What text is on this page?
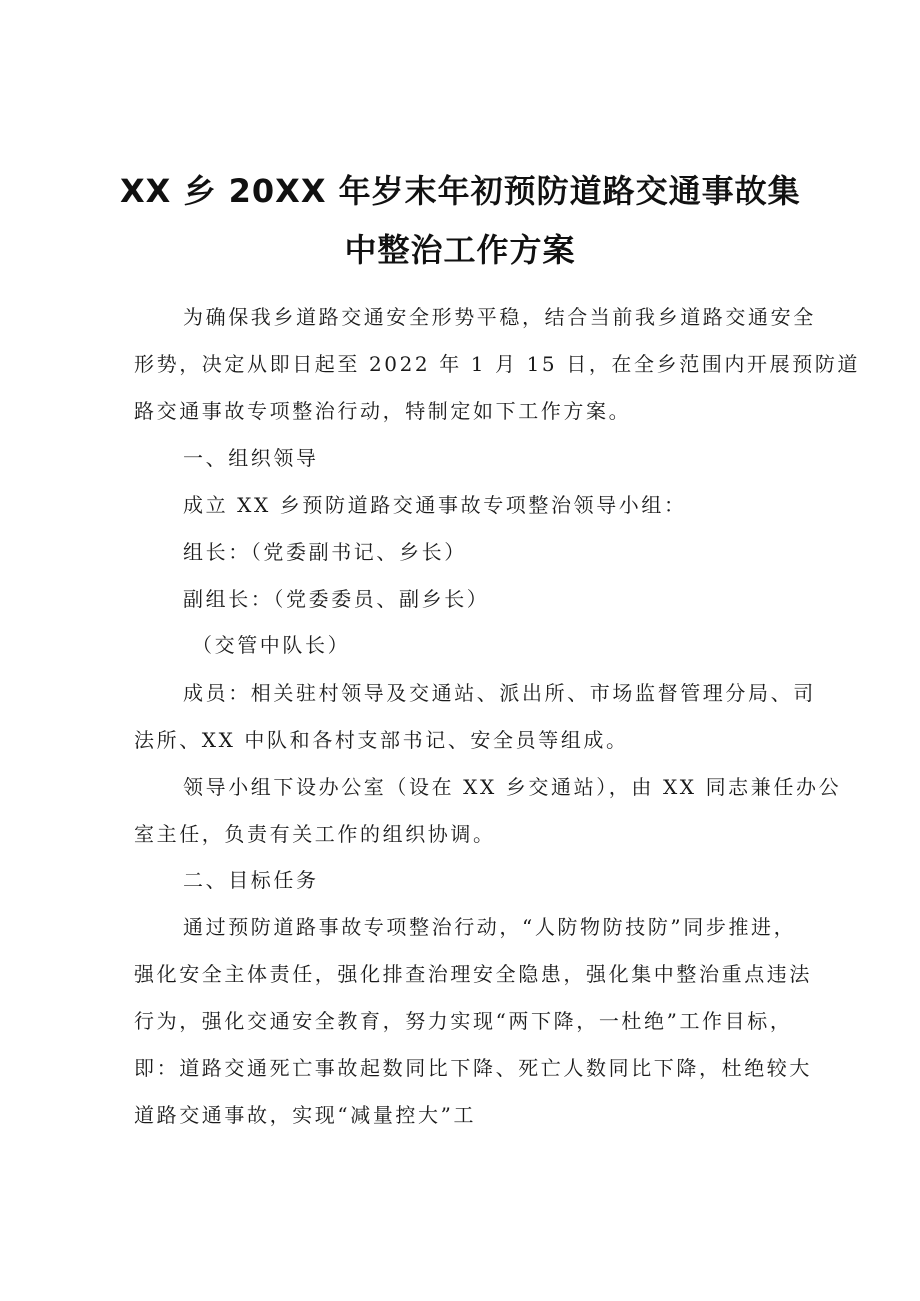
XX 乡 20XX 年岁末年初预防道路交通事故集
中整治工作方案
为确保我乡道路交通安全形势平稳，结合当前我乡道路交通安全
形势，决定从即日起至 2022 年 1 月 15 日，在全乡范围内开展预防道
路交通事故专项整治行动，特制定如下工作方案。
一、组织领导
成立 XX 乡预防道路交通事故专项整治领导小组：
组长：（党委副书记、乡长）
副组长：（党委委员、副乡长）
（交管中队长）
成员：相关驻村领导及交通站、派出所、市场监督管理分局、司
法所、XX 中队和各村支部书记、安全员等组成。
领导小组下设办公室（设在 XX 乡交通站），由 XX 同志兼任办公
室主任，负责有关工作的组织协调。
二、目标任务
通过预防道路事故专项整治行动，“人防物防技防”同步推进，
强化安全主体责任，强化排查治理安全隐患，强化集中整治重点违法
行为，强化交通安全教育，努力实现“两下降，一杜绝”工作目标，
即：道路交通死亡事故起数同比下降、死亡人数同比下降，杜绝较大
道路交通事故，实现“减量控大”工
